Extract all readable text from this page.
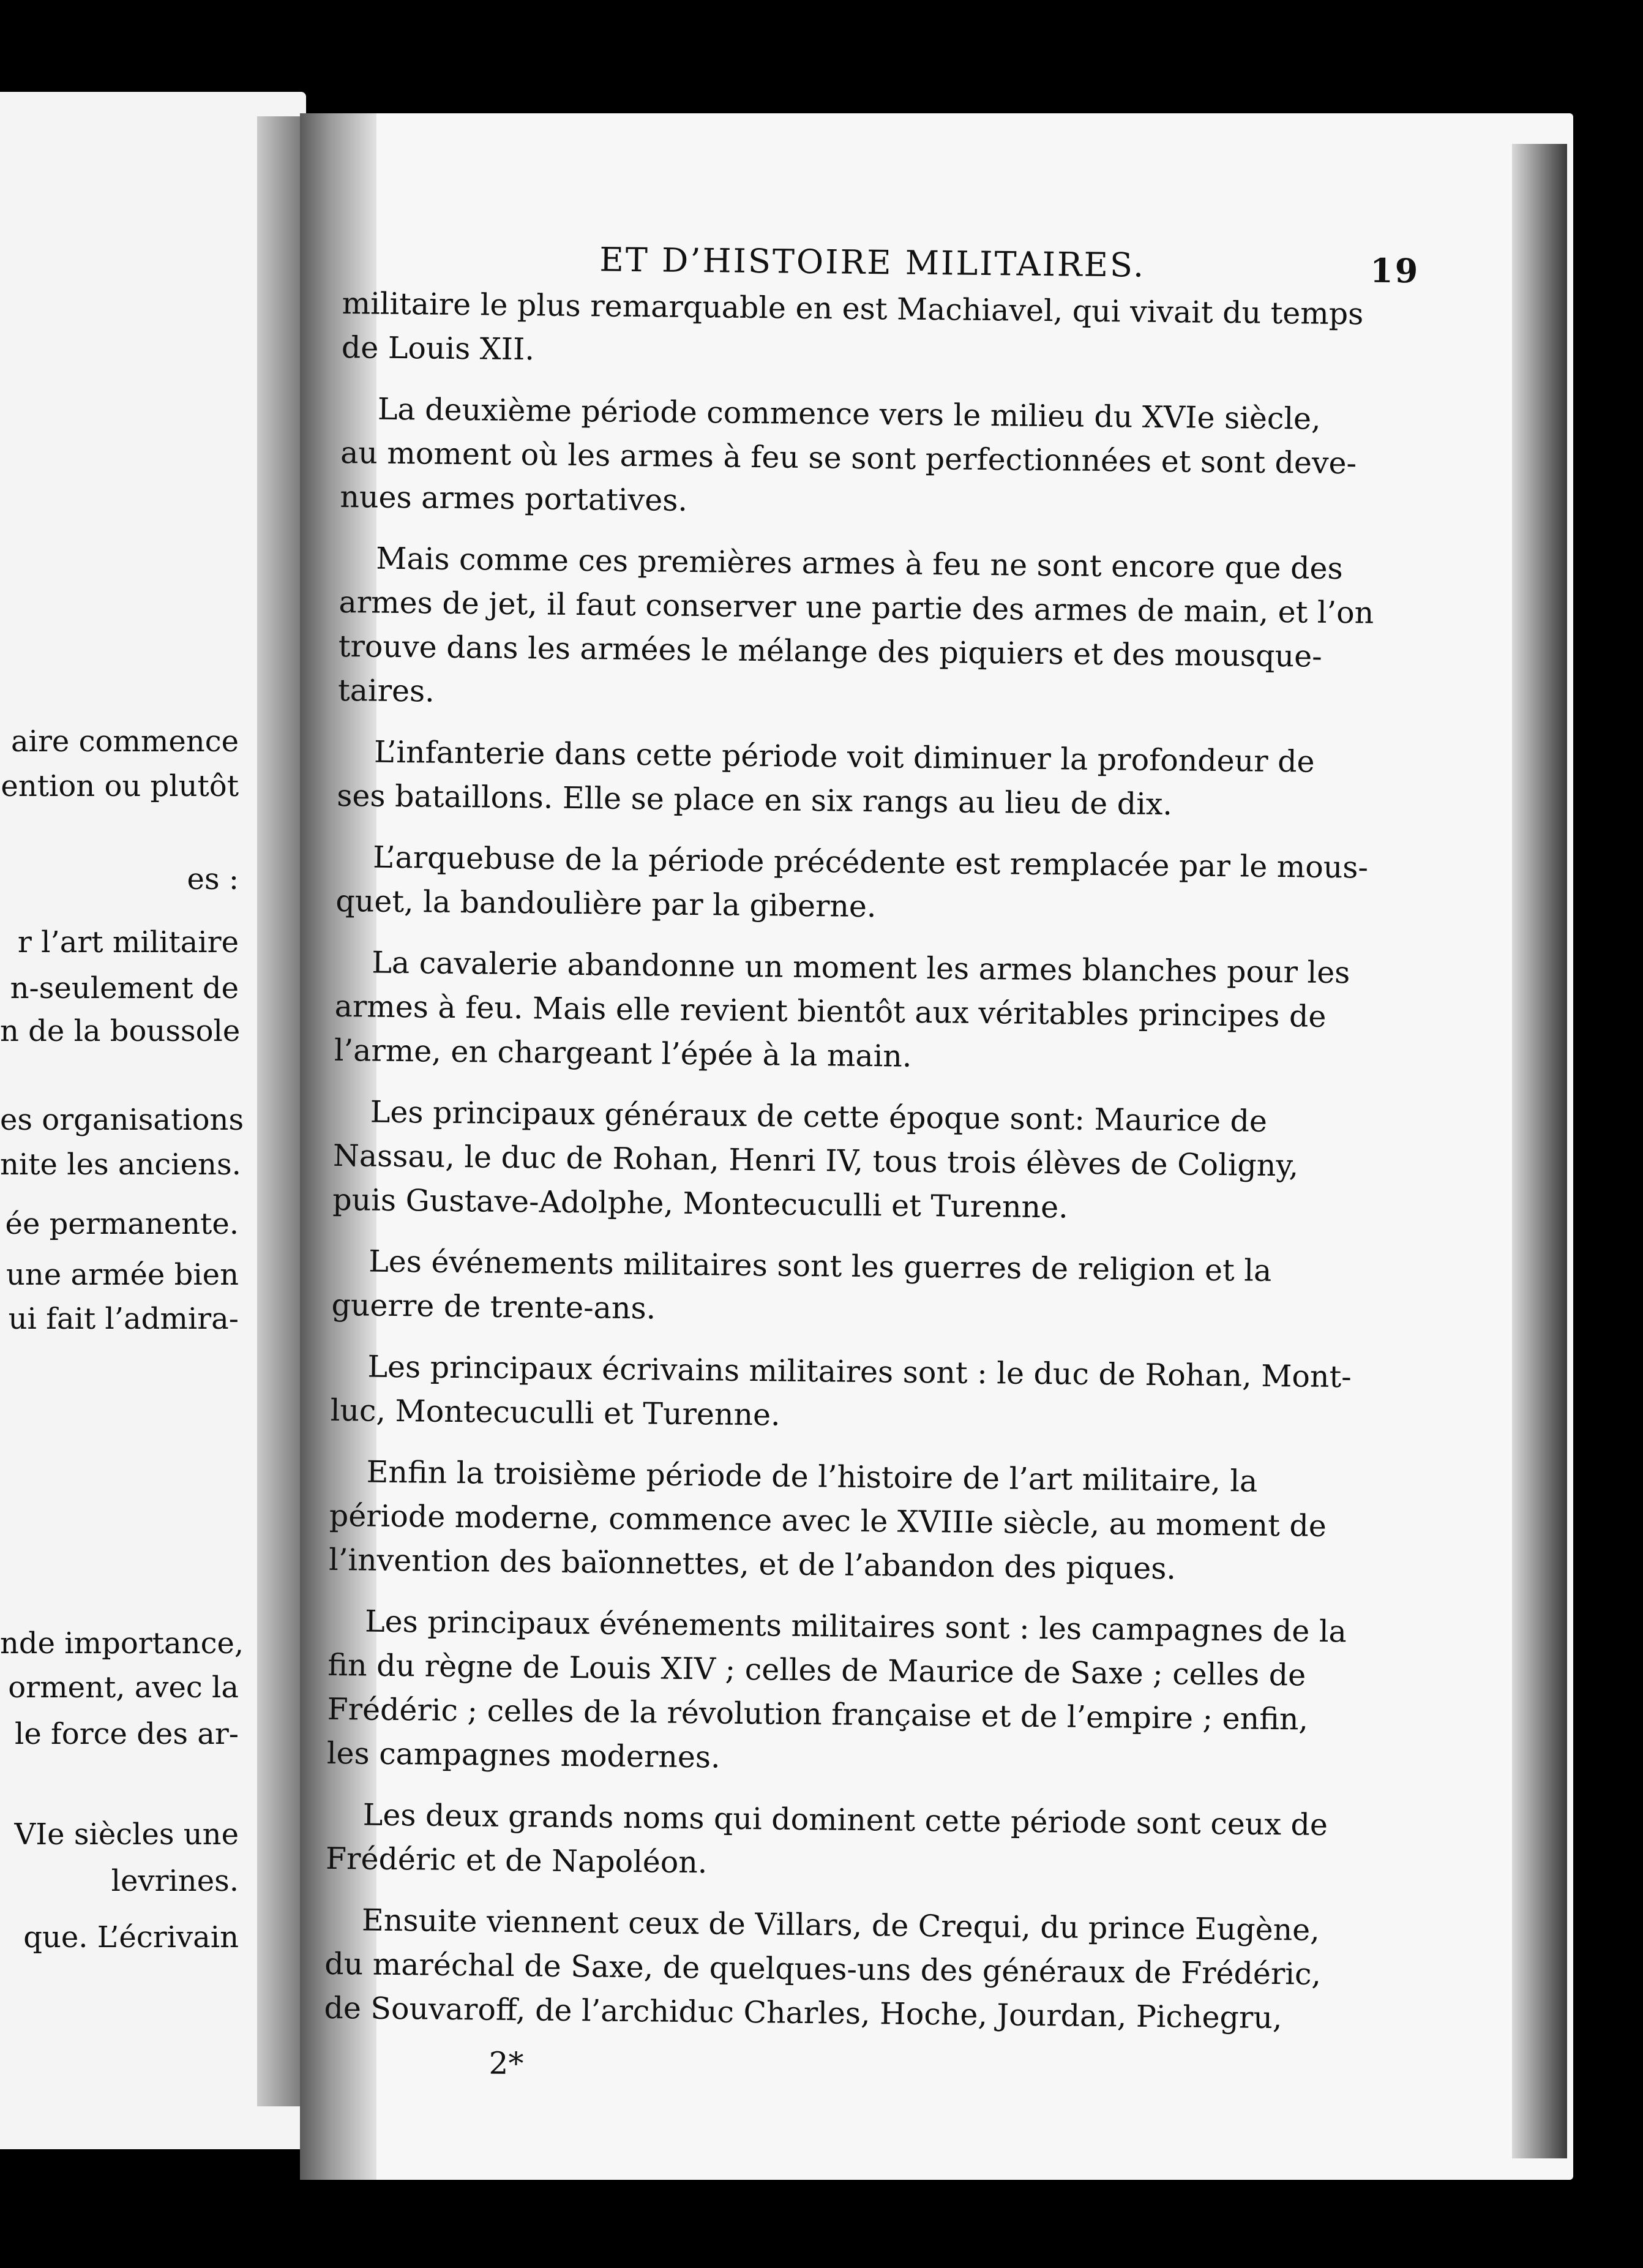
aire commence
ention ou plutôt
es :
r l’art militaire
n-seulement de
n de la boussole
es organisations
nite les anciens.
ée permanente.
une armée bien
ui fait l’admira-
nde importance,
orment, avec la
le force des ar-
VIe siècles une
levrines.
que. L’écrivain
ET D’HISTOIRE MILITAIRES.	19
militaire le plus remarquable en est Machiavel, qui vivait du temps
de Louis XII.
La deuxième période commence vers le milieu du XVIe siècle,
au moment où les armes à feu se sont perfectionnées et sont deve-
nues armes portatives.
Mais comme ces premières armes à feu ne sont encore que des
armes de jet, il faut conserver une partie des armes de main, et l’on
trouve dans les armées le mélange des piquiers et des mousque-
taires.
L’infanterie dans cette période voit diminuer la profondeur de
ses bataillons. Elle se place en six rangs au lieu de dix.
L’arquebuse de la période précédente est remplacée par le mous-
quet, la bandoulière par la giberne.
La cavalerie abandonne un moment les armes blanches pour les
armes à feu. Mais elle revient bientôt aux véritables principes de
l’arme, en chargeant l’épée à la main.
Les principaux généraux de cette époque sont: Maurice de
Nassau, le duc de Rohan, Henri IV, tous trois élèves de Coligny,
puis Gustave-Adolphe, Montecuculli et Turenne.
Les événements militaires sont les guerres de religion et la
guerre de trente-ans.
Les principaux écrivains militaires sont : le duc de Rohan, Mont-
luc, Montecuculli et Turenne.
Enfin la troisième période de l’histoire de l’art militaire, la
période moderne, commence avec le XVIIIe siècle, au moment de
l’invention des baïonnettes, et de l’abandon des piques.
Les principaux événements militaires sont : les campagnes de la
fin du règne de Louis XIV ; celles de Maurice de Saxe ; celles de
Frédéric ; celles de la révolution française et de l’empire ; enfin,
les campagnes modernes.
Les deux grands noms qui dominent cette période sont ceux de
Frédéric et de Napoléon.
Ensuite viennent ceux de Villars, de Crequi, du prince Eugène,
du maréchal de Saxe, de quelques-uns des généraux de Frédéric,
de Souvaroff, de l’archiduc Charles, Hoche, Jourdan, Pichegru,
2*
